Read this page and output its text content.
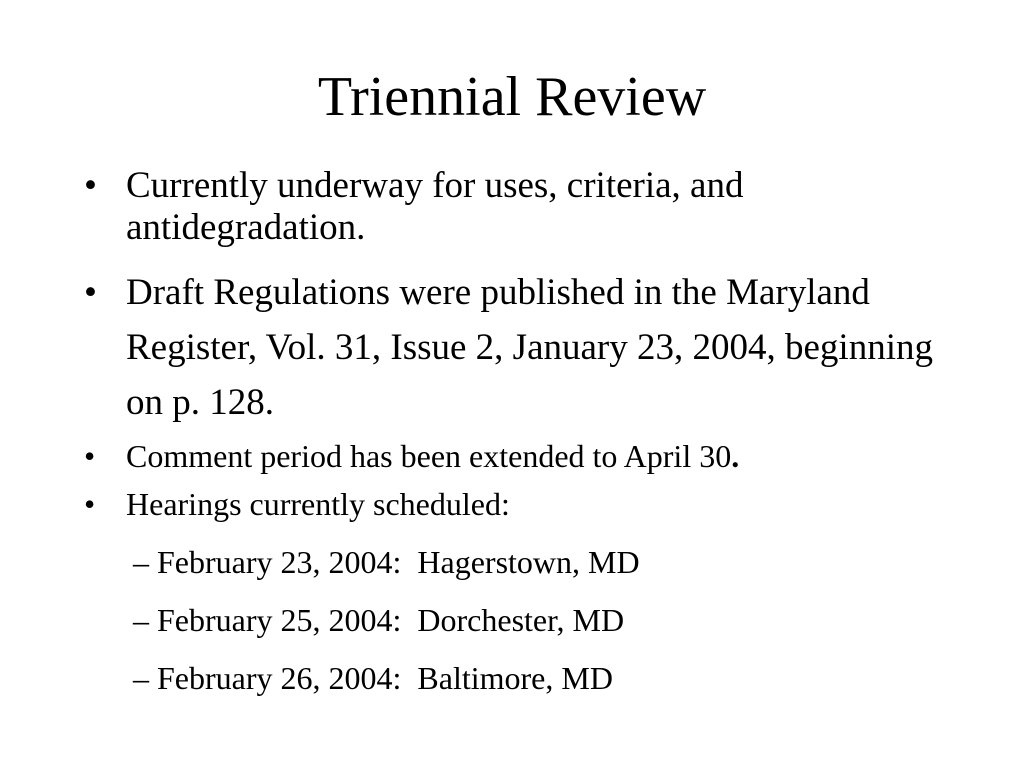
Triennial Review
• Currently underway for uses, criteria, and antidegradation.
• Draft Regulations were published in the Maryland Register, Vol. 31, Issue 2, January 23, 2004, beginning on p. 128.
• Comment period has been extended to April 30.
• Hearings currently scheduled:
– February 23, 2004:  Hagerstown, MD
– February 25, 2004:  Dorchester, MD
– February 26, 2004:  Baltimore, MD
